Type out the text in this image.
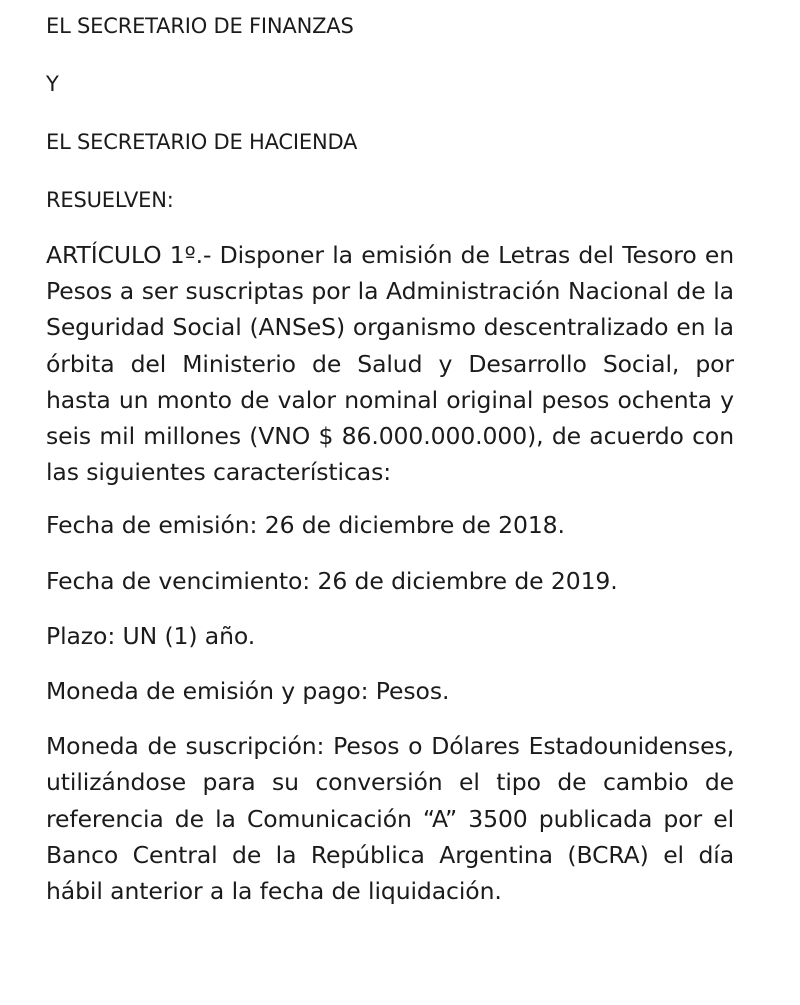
EL SECRETARIO DE FINANZAS

Y

EL SECRETARIO DE HACIENDA

RESUELVEN:

ARTÍCULO 1º.- Disponer la emisión de Letras del Tesoro en Pesos a ser suscriptas por la Administración Nacional de la Seguridad Social (ANSeS) organismo descentralizado en la órbita del Ministerio de Salud y Desarrollo Social, por hasta un monto de valor nominal original pesos ochenta y seis mil millones (VNO $ 86.000.000.000), de acuerdo con las siguientes características:

Fecha de emisión: 26 de diciembre de 2018.

Fecha de vencimiento: 26 de diciembre de 2019.

Plazo: UN (1) año.

Moneda de emisión y pago: Pesos.

Moneda de suscripción: Pesos o Dólares Estadounidenses, utilizándose para su conversión el tipo de cambio de referencia de la Comunicación “A” 3500 publicada por el Banco Central de la República Argentina (BCRA) el día hábil anterior a la fecha de liquidación.
